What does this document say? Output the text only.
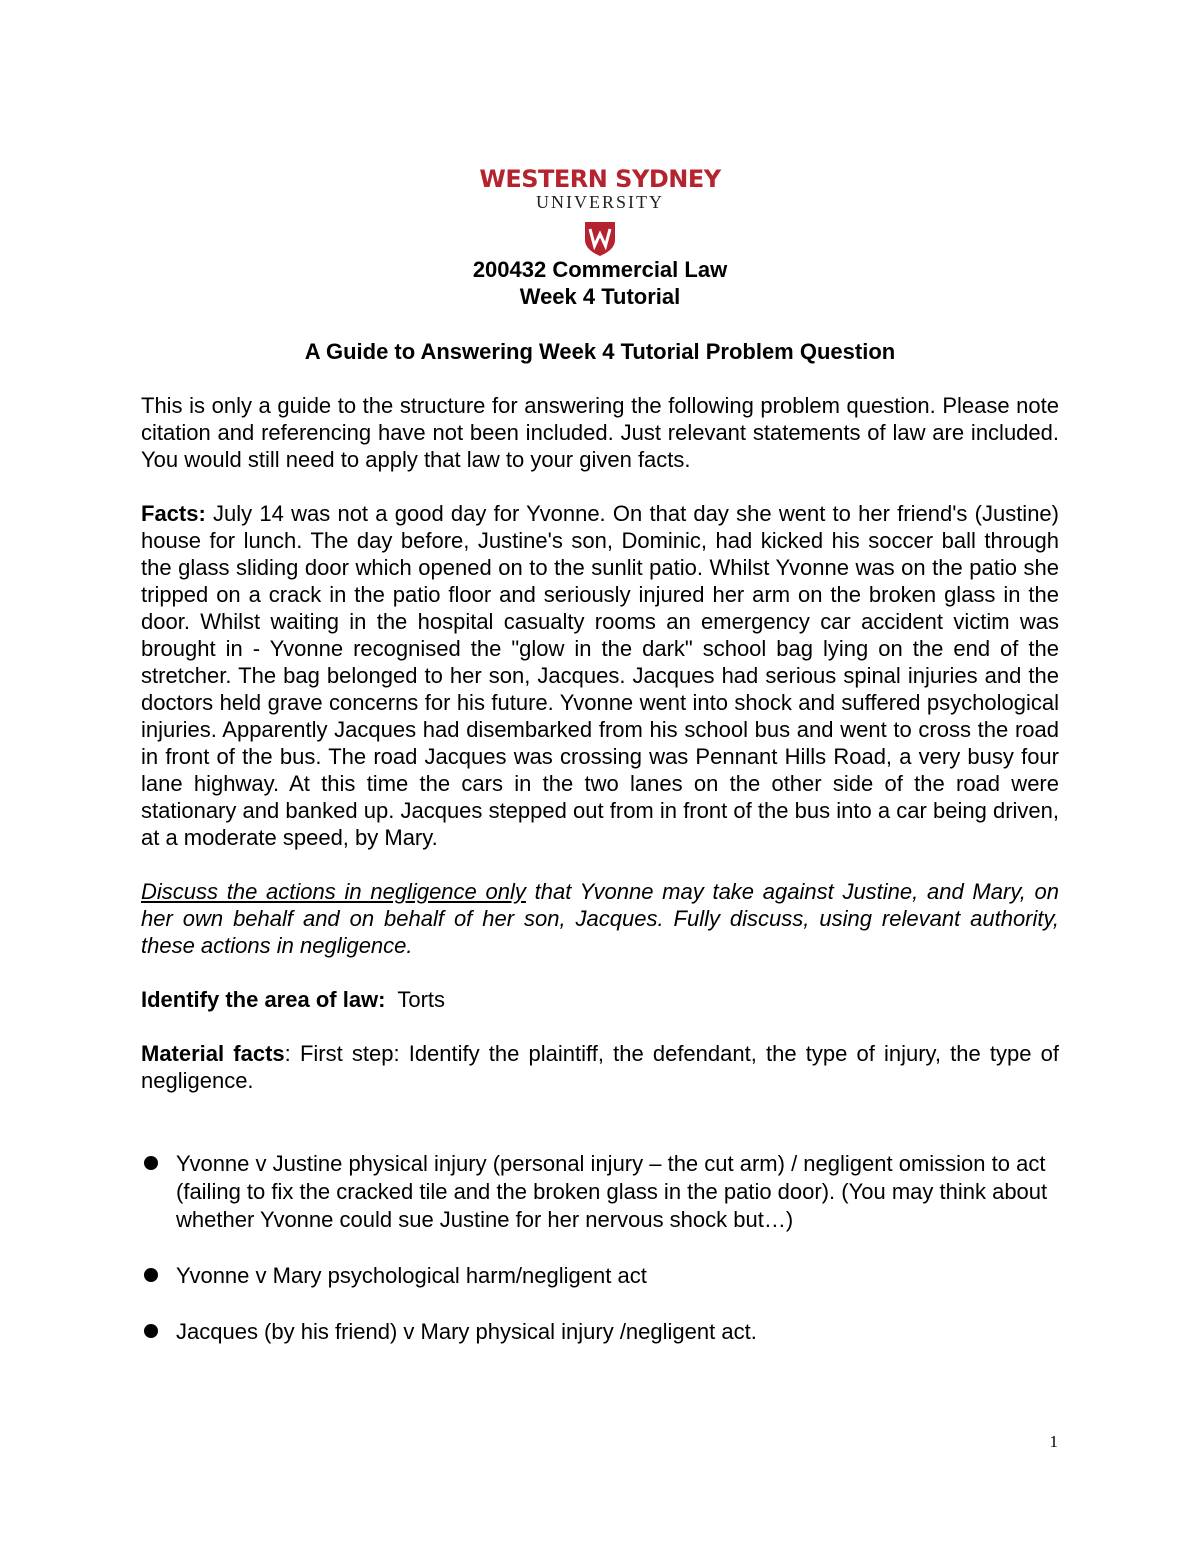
WESTERN SYDNEY
UNIVERSITY
200432 Commercial Law
Week 4 Tutorial
A Guide to Answering Week 4 Tutorial Problem Question

This is only a guide to the structure for answering the following problem question. Please note citation and referencing have not been included. Just relevant statements of law are included. You would still need to apply that law to your given facts.

Facts: July 14 was not a good day for Yvonne. On that day she went to her friend's (Justine) house for lunch. The day before, Justine's son, Dominic, had kicked his soccer ball through the glass sliding door which opened on to the sunlit patio. Whilst Yvonne was on the patio she tripped on a crack in the patio floor and seriously injured her arm on the broken glass in the door. Whilst waiting in the hospital casualty rooms an emergency car accident victim was brought in - Yvonne recognised the "glow in the dark" school bag lying on the end of the stretcher. The bag belonged to her son, Jacques. Jacques had serious spinal injuries and the doctors held grave concerns for his future. Yvonne went into shock and suffered psychological injuries. Apparently Jacques had disembarked from his school bus and went to cross the road in front of the bus. The road Jacques was crossing was Pennant Hills Road, a very busy four lane highway. At this time the cars in the two lanes on the other side of the road were stationary and banked up. Jacques stepped out from in front of the bus into a car being driven, at a moderate speed, by Mary.

Discuss the actions in negligence only that Yvonne may take against Justine, and Mary, on her own behalf and on behalf of her son, Jacques. Fully discuss, using relevant authority, these actions in negligence.

Identify the area of law:  Torts

Material facts: First step: Identify the plaintiff, the defendant, the type of injury, the type of negligence.

Yvonne v Justine physical injury (personal injury – the cut arm) / negligent omission to act (failing to fix the cracked tile and the broken glass in the patio door). (You may think about whether Yvonne could sue Justine for her nervous shock but…)
Yvonne v Mary psychological harm/negligent act
Jacques (by his friend) v Mary physical injury /negligent act.
1
